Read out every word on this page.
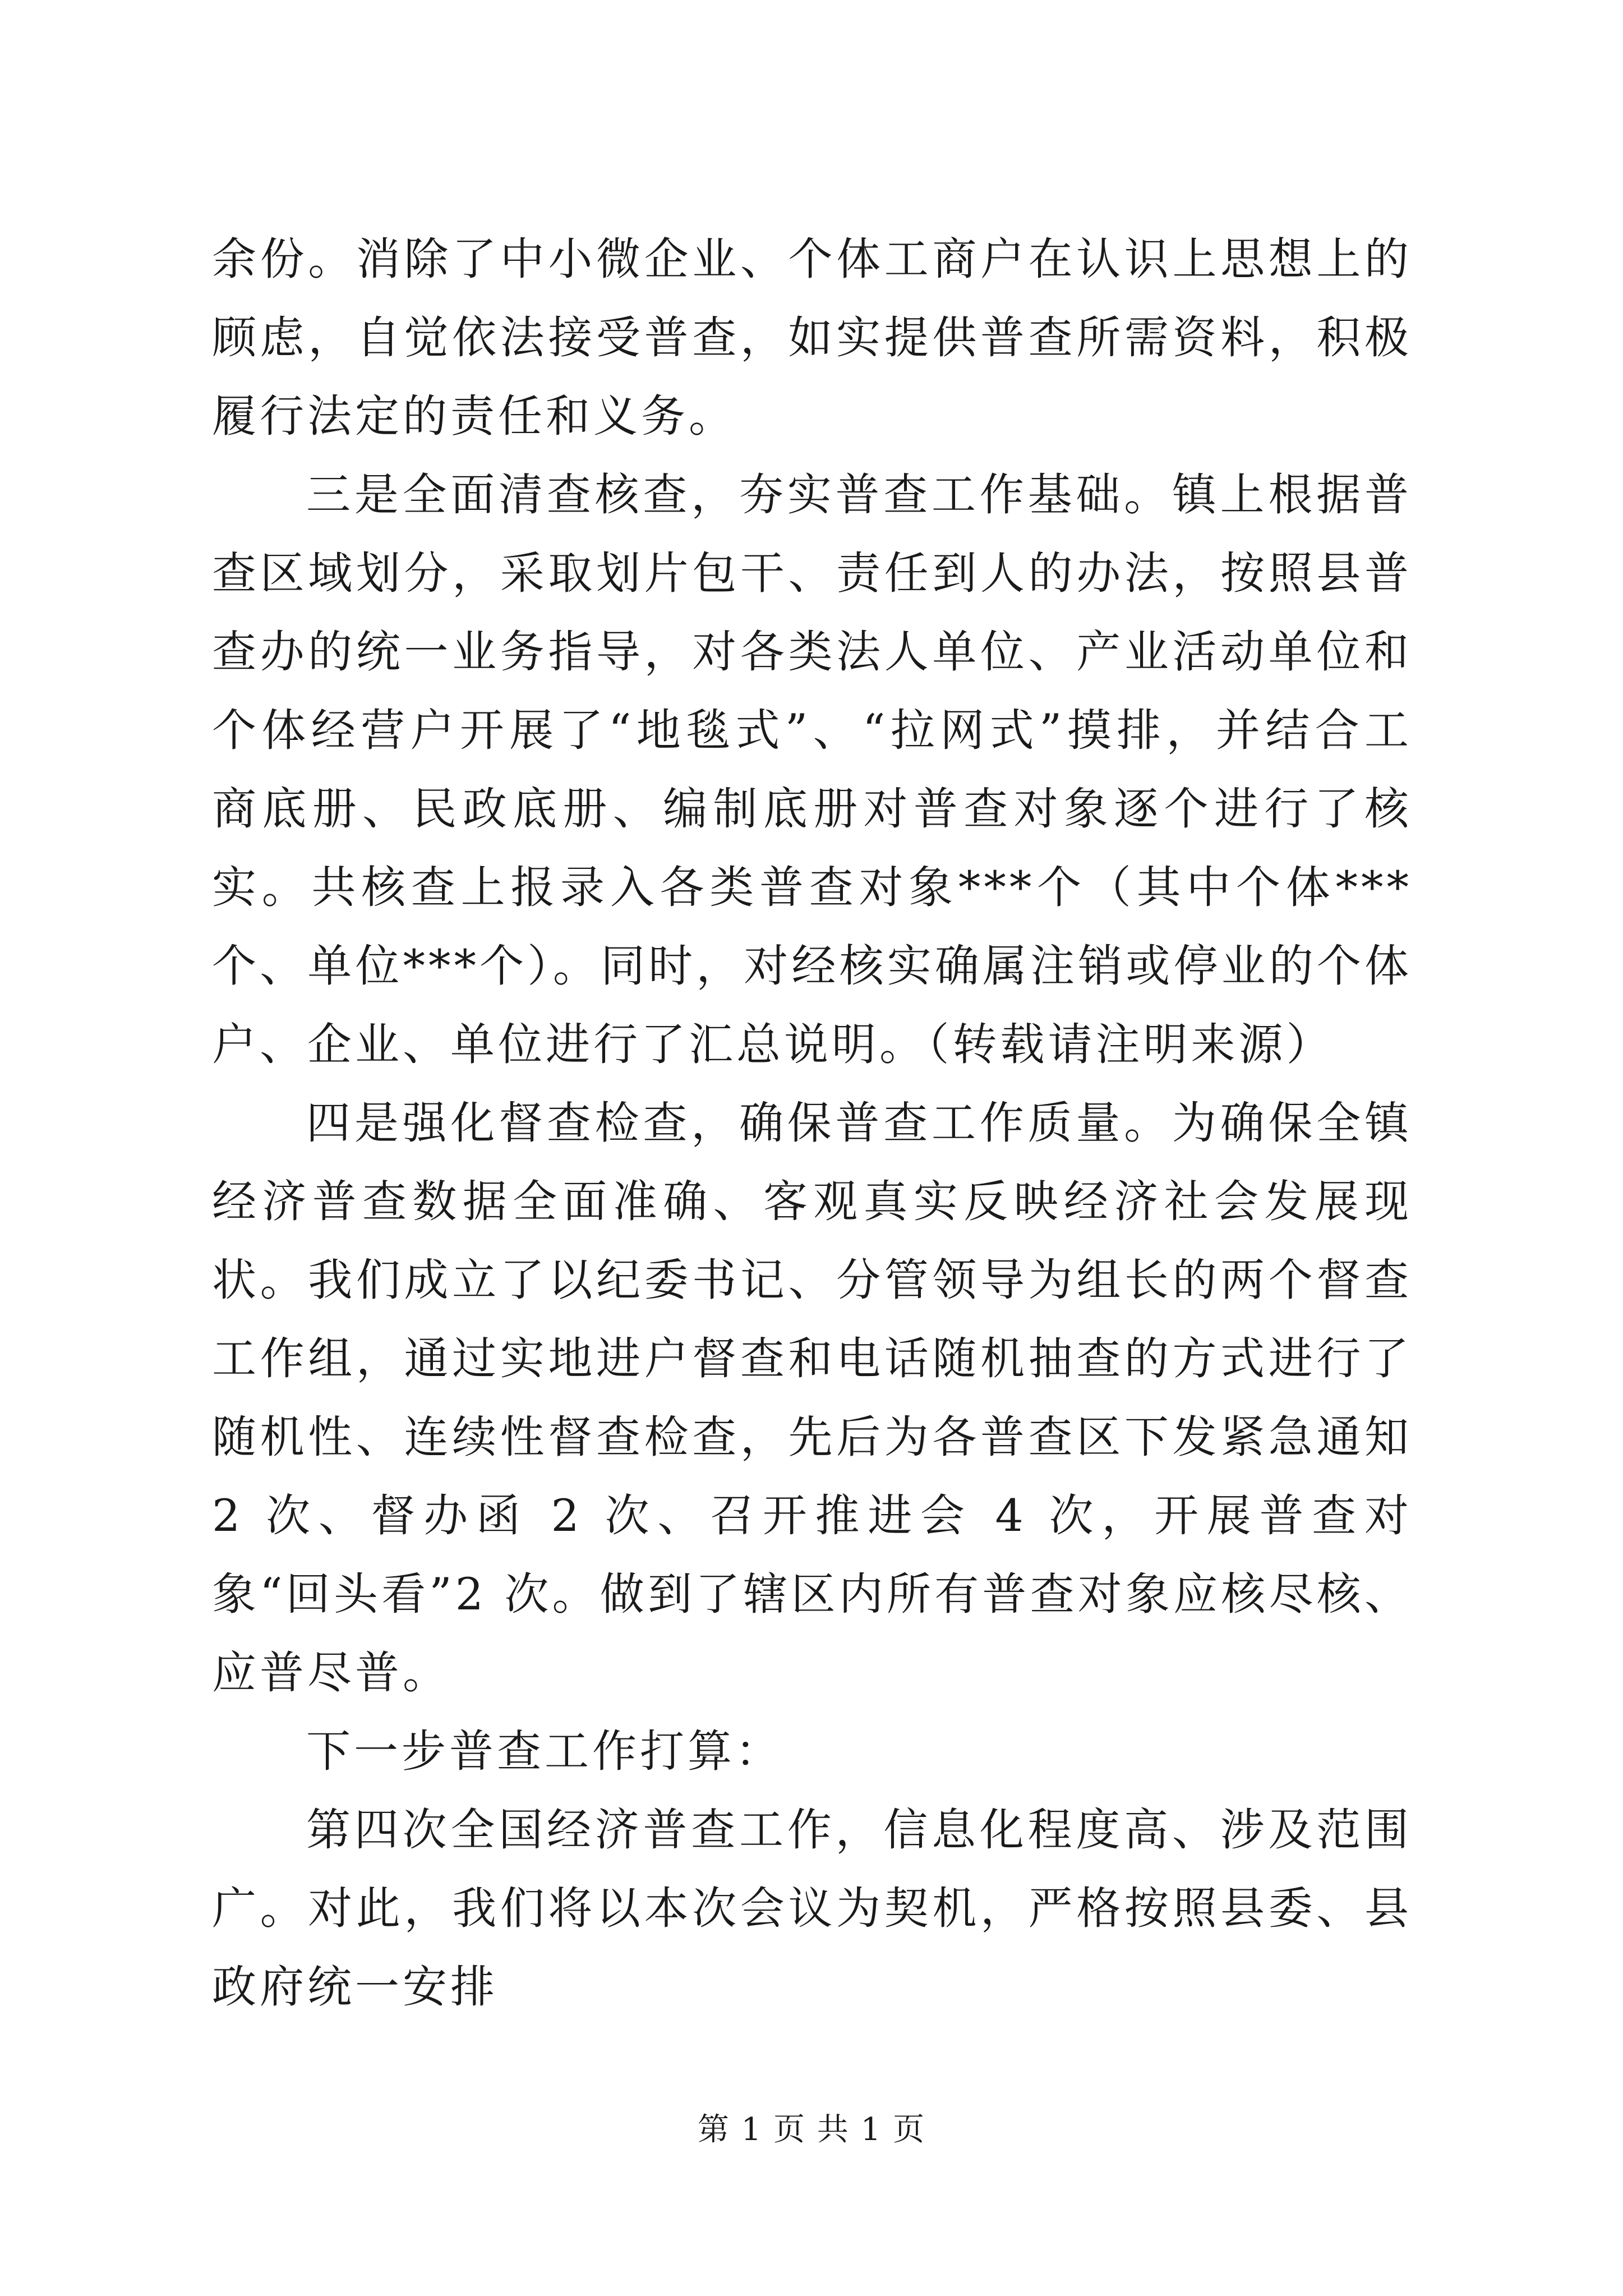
余份。消除了中小微企业、个体工商户在认识上思想上的顾虑，自觉依法接受普查，如实提供普查所需资料，积极履行法定的责任和义务。

三是全面清查核查，夯实普查工作基础。镇上根据普查区域划分，采取划片包干、责任到人的办法，按照县普查办的统一业务指导，对各类法人单位、产业活动单位和个体经营户开展了“地毯式”、“拉网式”摸排，并结合工商底册、民政底册、编制底册对普查对象逐个进行了核实。共核查上报录入各类普查对象***个（其中个体***个、单位***个）。同时，对经核实确属注销或停业的个体户、企业、单位进行了汇总说明。（转载请注明来源）

四是强化督查检查，确保普查工作质量。为确保全镇经济普查数据全面准确、客观真实反映经济社会发展现状。我们成立了以纪委书记、分管领导为组长的两个督查工作组，通过实地进户督查和电话随机抽查的方式进行了随机性、连续性督查检查，先后为各普查区下发紧急通知 2 次、督办函 2 次、召开推进会 4 次，开展普查对象“回头看”2 次。做到了辖区内所有普查对象应核尽核、应普尽普。

下一步普查工作打算：

第四次全国经济普查工作，信息化程度高、涉及范围广。对此，我们将以本次会议为契机，严格按照县委、县政府统一安排

第 1 页 共 1 页
